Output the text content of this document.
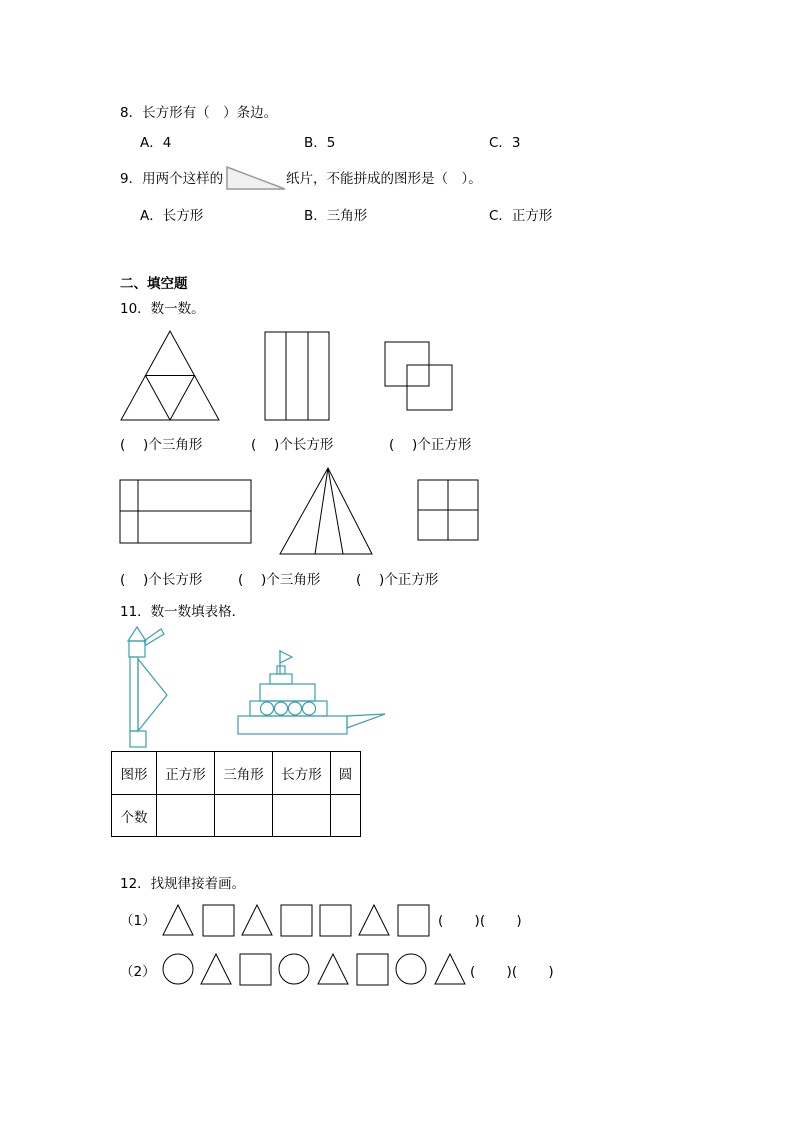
8．长方形有（　）条边。
A．4	B．5	C．3
9．用两个这样的	纸片，不能拼成的图形是（　）。
A．长方形	B．三角形	C．正方形
二、填空题
10．数一数。
(　 )个三角形	(　 )个长方形	(　 )个正方形
(　 )个长方形	(　 )个三角形	(　 )个正方形
11．数一数填表格．
图形	正方形	三角形	长方形	圆
个数				
12．找规律接着画。
（1）	(　　 )(　　 )
（2）	(　　 )(　　 )
